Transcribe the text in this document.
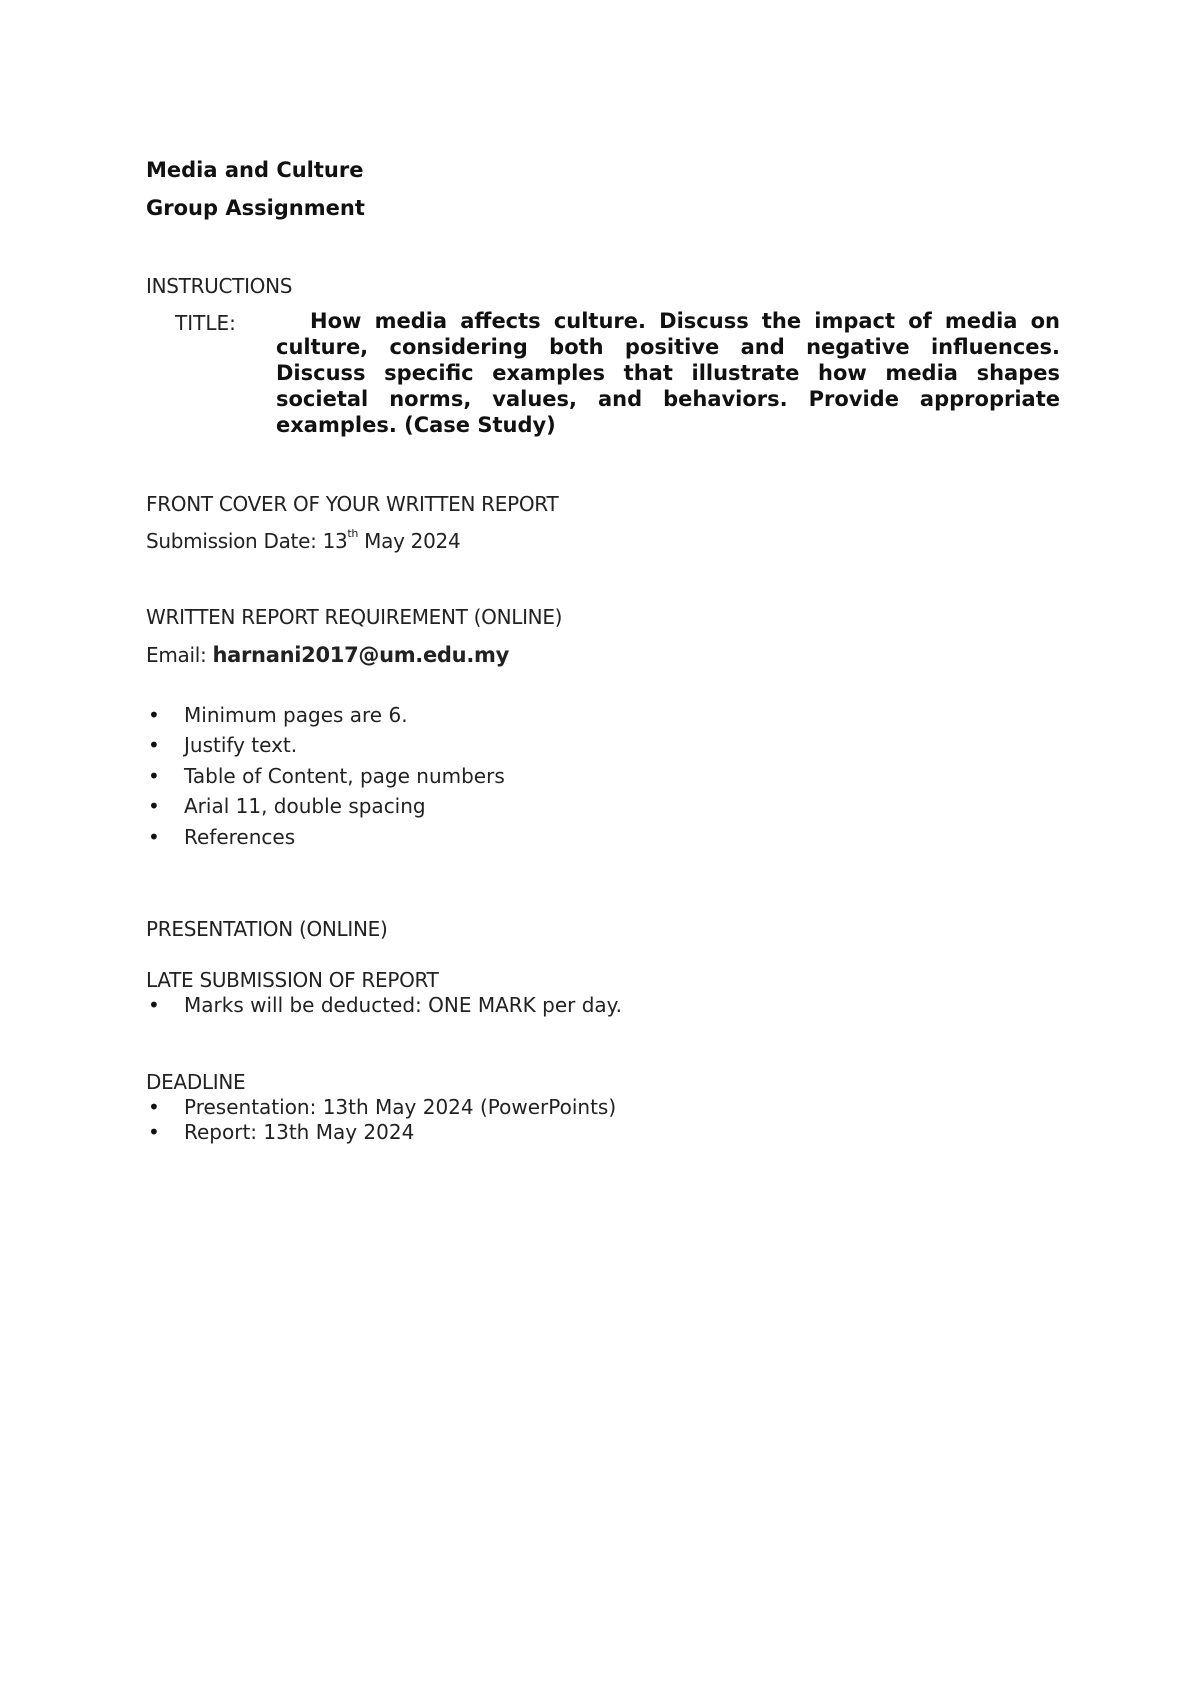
Media and Culture
Group Assignment
INSTRUCTIONS
TITLE:	How media affects culture. Discuss the impact of media on culture, considering both positive and negative influences. Discuss specific examples that illustrate how media shapes societal norms, values, and behaviors. Provide appropriate examples. (Case Study)
FRONT COVER OF YOUR WRITTEN REPORT
Submission Date: 13th May 2024
WRITTEN REPORT REQUIREMENT (ONLINE)
Email: harnani2017@um.edu.my
• Minimum pages are 6.
• Justify text.
• Table of Content, page numbers
• Arial 11, double spacing
• References
PRESENTATION (ONLINE)
LATE SUBMISSION OF REPORT
• Marks will be deducted: ONE MARK per day.
DEADLINE
• Presentation: 13th May 2024 (PowerPoints)
• Report: 13th May 2024
